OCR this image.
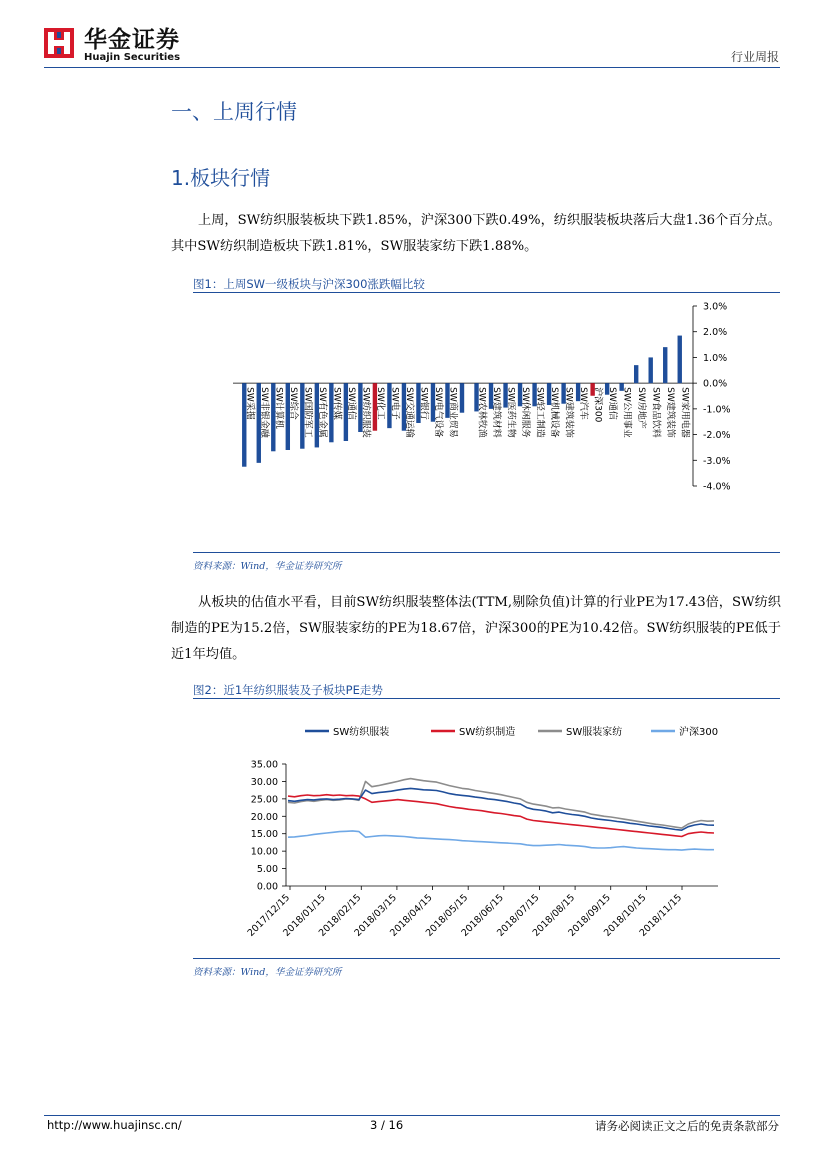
华金证券
Huajin Securities	行业周报
一、上周行情
1.板块行情
上周，SW纺织服装板块下跌1.85%，沪深300下跌0.49%，纺织服装板块落后大盘1.36个百分点。其中SW纺织制造板块下跌1.81%，SW服装家纺下跌1.88%。
图1：上周SW一级板块与沪深300涨跌幅比较
3.0%
2.0%
1.0%
0.0%
-1.0%
-2.0%
-3.0%
-4.0%
SW采掘 SW非银金融 SW计算机 SW综合 SW国防军工 SW有色金属 SW传媒 SW通信 SW纺织服装 SW化工 SW电子 SW交通运输 SW银行 SW电气设备 SW商业贸易 SW农林牧渔 SW建筑材料 SW医药生物 SW休闲服务 SW轻工制造 SW机械设备 SW建筑装饰 SW汽车 沪深300 SW通信 SW公用事业 SW房地产 SW食品饮料 SW建筑装饰 SW家用电器
资料来源：Wind，华金证券研究所
从板块的估值水平看，目前SW纺织服装整体法(TTM,剔除负值)计算的行业PE为17.43倍，SW纺织制造的PE为15.2倍，SW服装家纺的PE为18.67倍，沪深300的PE为10.42倍。SW纺织服装的PE低于近1年均值。
图2：近1年纺织服装及子板块PE走势
SW纺织服装	SW纺织制造	SW服装家纺	沪深300
35.00
30.00
25.00
20.00
15.00
10.00
5.00
0.00
2017/12/15
2018/01/15
2018/02/15
2018/03/15
2018/04/15
2018/05/15
2018/06/15
2018/07/15
2018/08/15
2018/09/15
2018/10/15
2018/11/15
资料来源：Wind，华金证券研究所
http://www.huajinsc.cn/	3 / 16	请务必阅读正文之后的免责条款部分
